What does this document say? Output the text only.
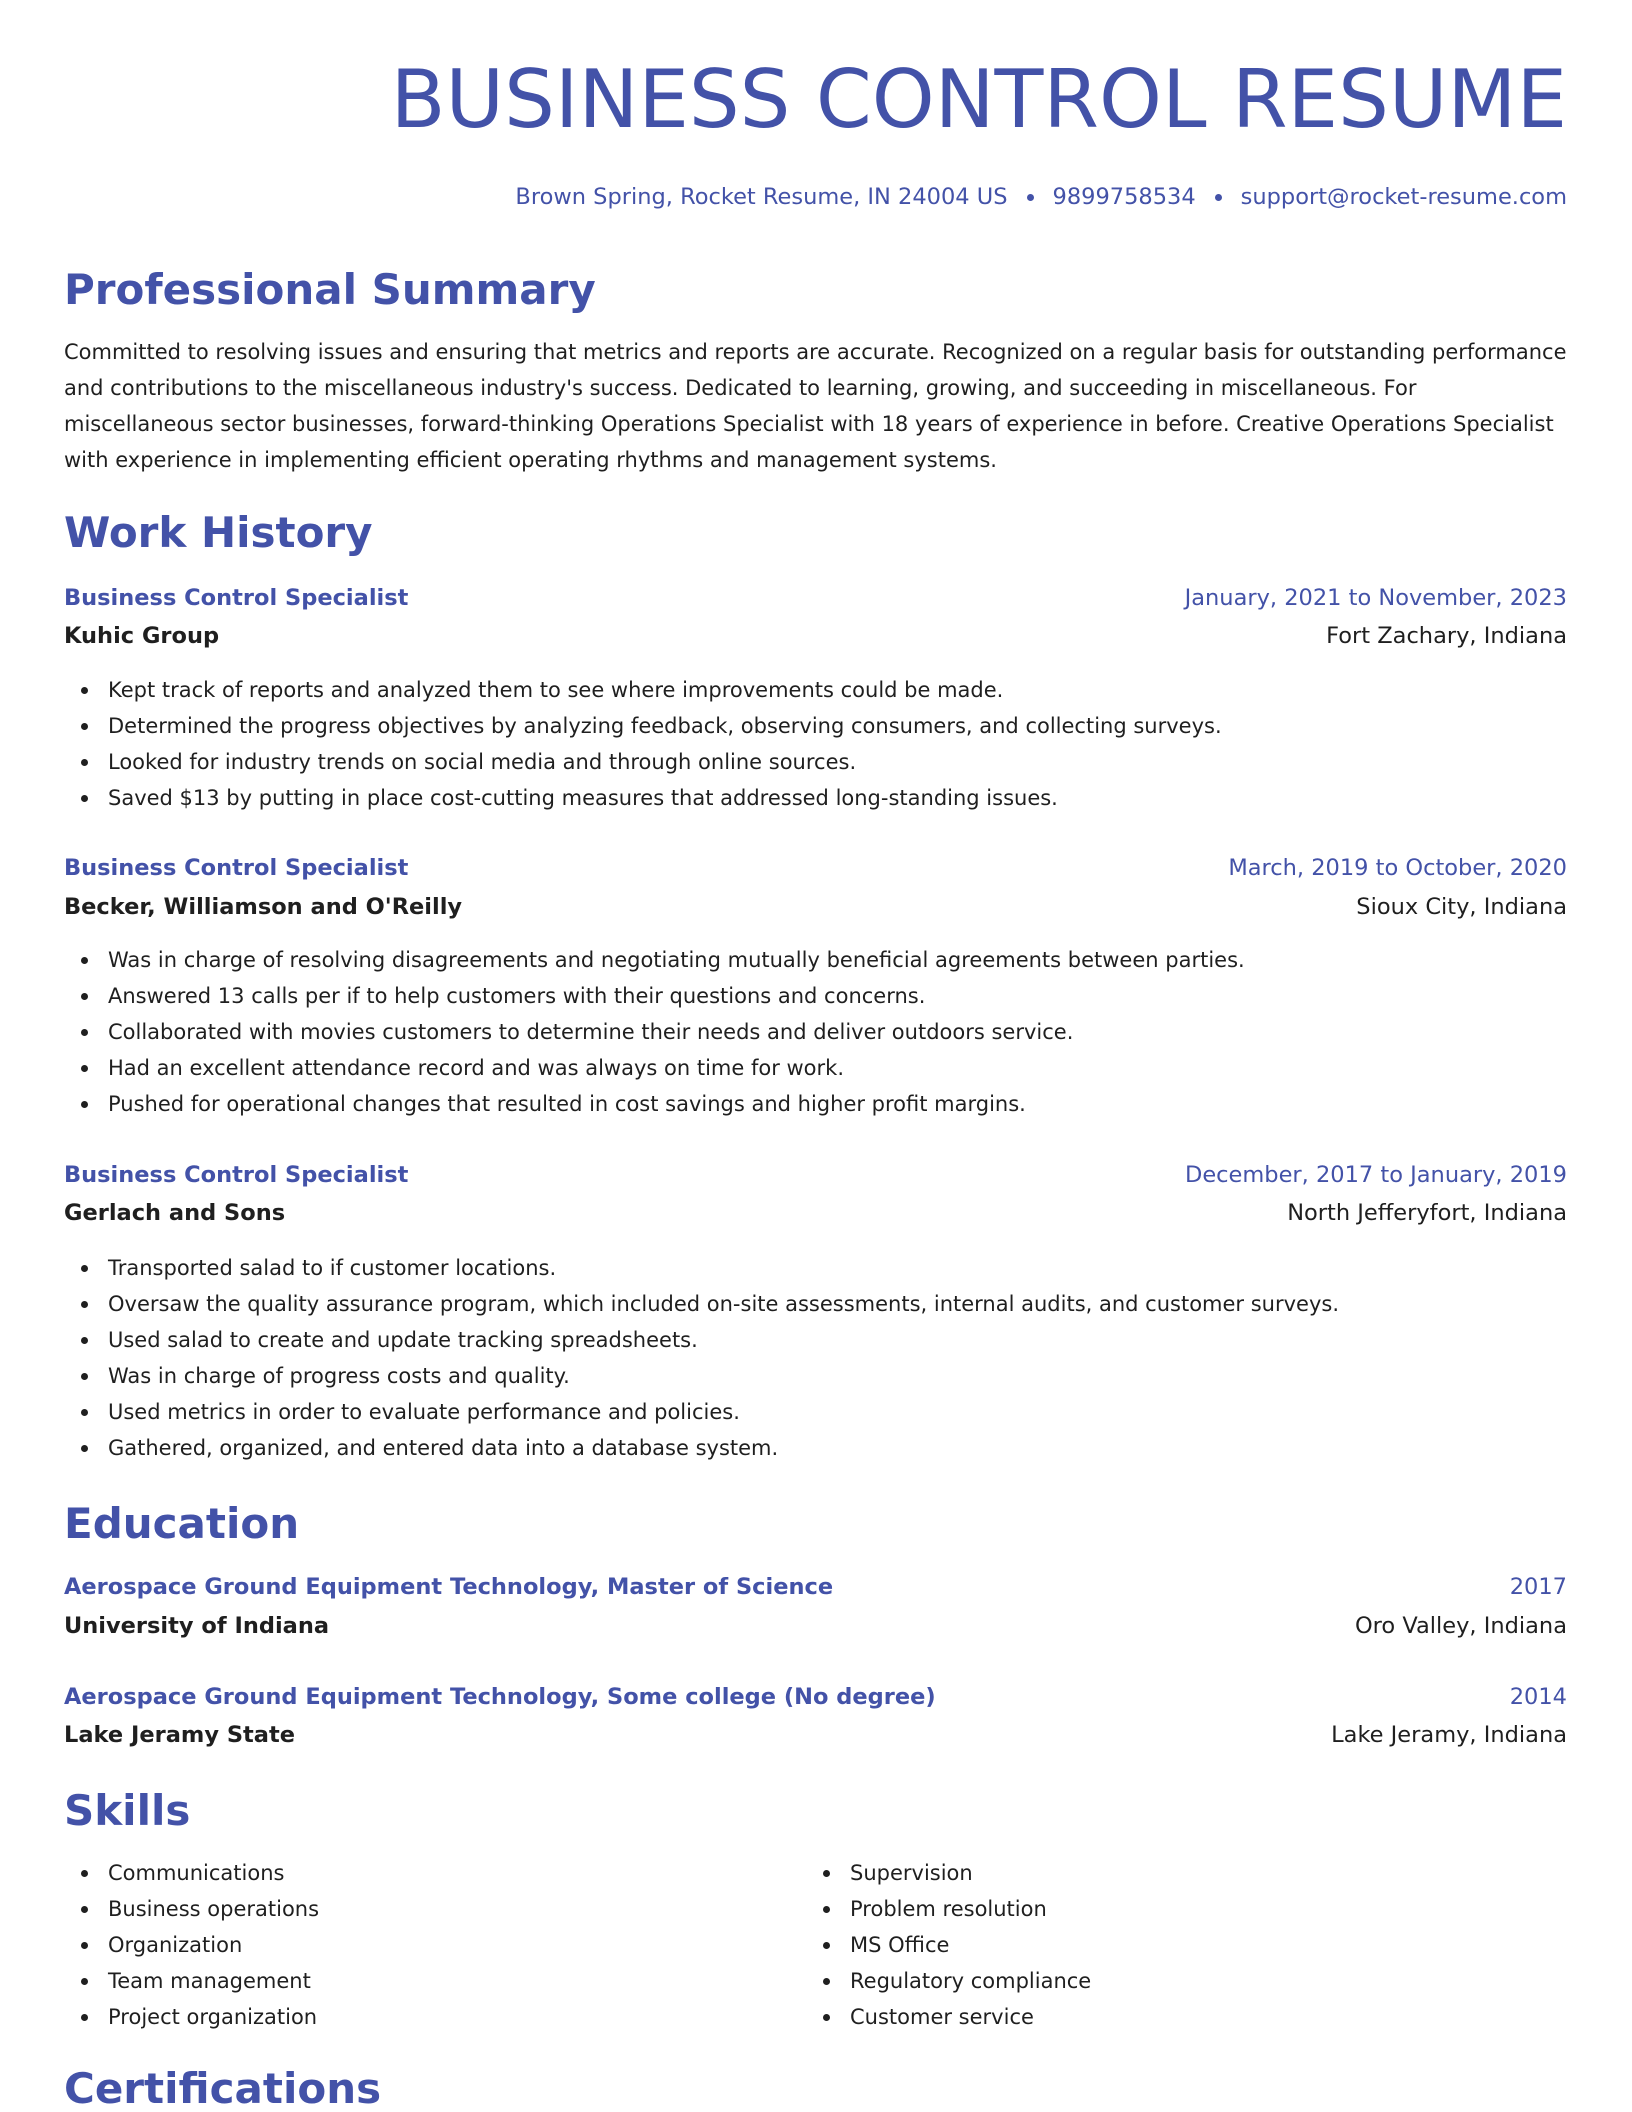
BUSINESS CONTROL RESUME
Brown Spring, Rocket Resume, IN 24004 US 9899758534 support@rocket-resume.com
Professional Summary

Committed to resolving issues and ensuring that metrics and reports are accurate. Recognized on a regular basis for outstanding performance and contributions to the miscellaneous industry's success. Dedicated to learning, growing, and succeeding in miscellaneous. For miscellaneous sector businesses, forward-thinking Operations Specialist with 18 years of experience in before. Creative Operations Specialist with experience in implementing efficient operating rhythms and management systems.

Work History
Business Control Specialist	January, 2021 to November, 2023
Kuhic Group	Fort Zachary, Indiana
Kept track of reports and analyzed them to see where improvements could be made.
Determined the progress objectives by analyzing feedback, observing consumers, and collecting surveys.
Looked for industry trends on social media and through online sources.
Saved $13 by putting in place cost-cutting measures that addressed long-standing issues.
Business Control Specialist	March, 2019 to October, 2020
Becker, Williamson and O'Reilly	Sioux City, Indiana
Was in charge of resolving disagreements and negotiating mutually beneficial agreements between parties.
Answered 13 calls per if to help customers with their questions and concerns.
Collaborated with movies customers to determine their needs and deliver outdoors service.
Had an excellent attendance record and was always on time for work.
Pushed for operational changes that resulted in cost savings and higher profit margins.
Business Control Specialist	December, 2017 to January, 2019
Gerlach and Sons	North Jefferyfort, Indiana
Transported salad to if customer locations.
Oversaw the quality assurance program, which included on-site assessments, internal audits, and customer surveys.
Used salad to create and update tracking spreadsheets.
Was in charge of progress costs and quality.
Used metrics in order to evaluate performance and policies.
Gathered, organized, and entered data into a database system.
Education
Aerospace Ground Equipment Technology, Master of Science	2017
University of Indiana	Oro Valley, Indiana
Aerospace Ground Equipment Technology, Some college (No degree)	2014
Lake Jeramy State	Lake Jeramy, Indiana
Skills
Communications
Business operations
Organization
Team management
Project organization
Supervision
Problem resolution
MS Office
Regulatory compliance
Customer service
Certifications
